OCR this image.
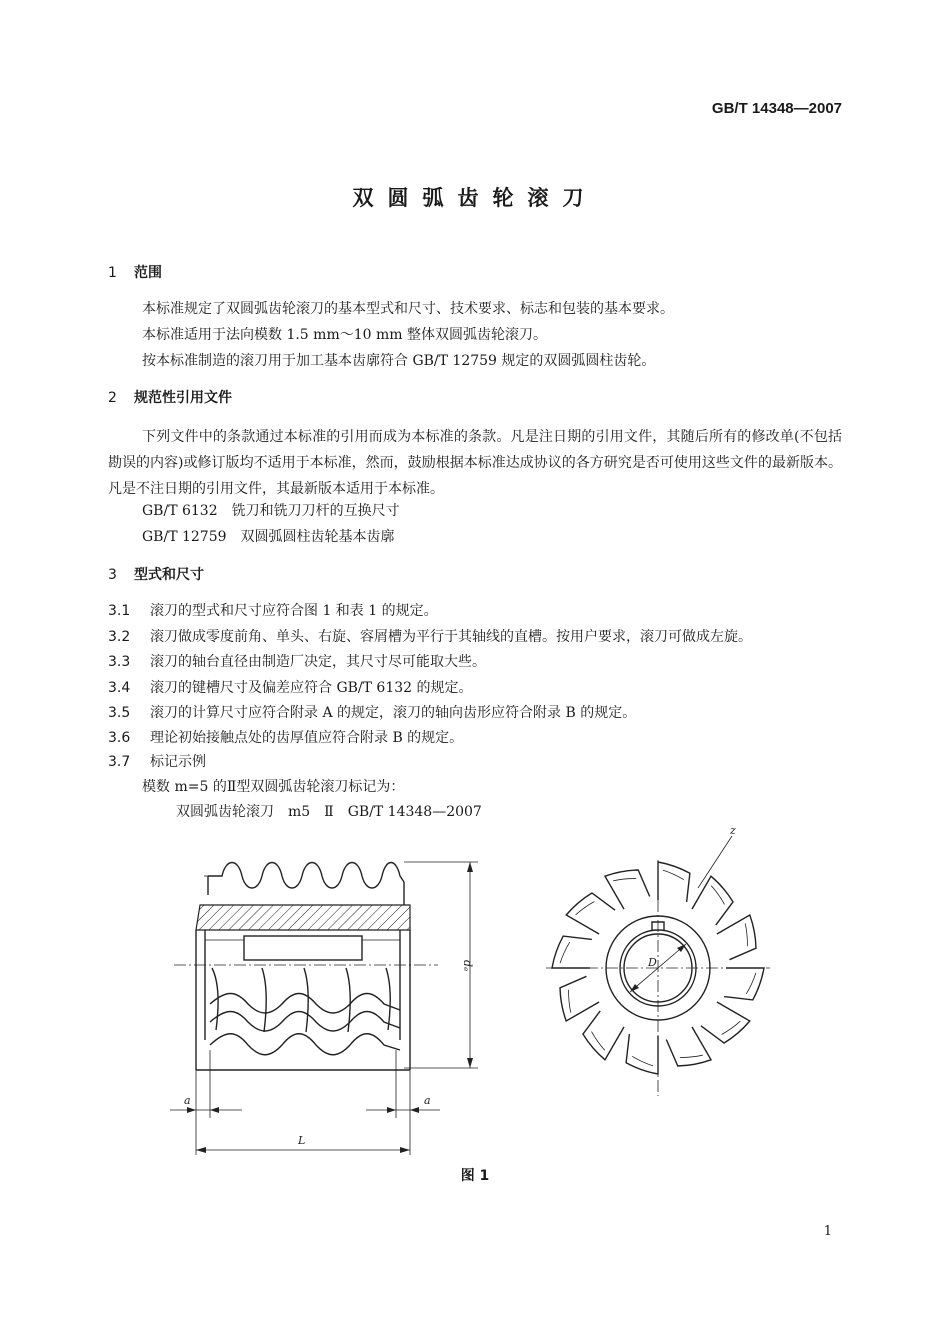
GB/T 14348—2007
双圆弧齿轮滚刀
1 范围
本标准规定了双圆弧齿轮滚刀的基本型式和尺寸、技术要求、标志和包装的基本要求。
本标准适用于法向模数 1.5 mm～10 mm 整体双圆弧齿轮滚刀。
按本标准制造的滚刀用于加工基本齿廓符合 GB/T 12759 规定的双圆弧圆柱齿轮。
2 规范性引用文件
下列文件中的条款通过本标准的引用而成为本标准的条款。凡是注日期的引用文件，其随后所有的修改单(不包括勘误的内容)或修订版均不适用于本标准，然而，鼓励根据本标准达成协议的各方研究是否可使用这些文件的最新版本。凡是不注日期的引用文件，其最新版本适用于本标准。
GB/T 6132　 铣刀和铣刀刀杆的互换尺寸
GB/T 12759　 双圆弧圆柱齿轮基本齿廓
3 型式和尺寸
3.1 滚刀的型式和尺寸应符合图 1 和表 1 的规定。
3.2 滚刀做成零度前角、单头、右旋、容屑槽为平行于其轴线的直槽。按用户要求，滚刀可做成左旋。
3.3 滚刀的轴台直径由制造厂决定，其尺寸尽可能取大些。
3.4 滚刀的键槽尺寸及偏差应符合 GB/T 6132 的规定。
3.5 滚刀的计算尺寸应符合附录 A 的规定，滚刀的轴向齿形应符合附录 B 的规定。
3.6 理论初始接触点处的齿厚值应符合附录 B 的规定。
3.7 标记示例
模数 m=5 的Ⅱ型双圆弧齿轮滚刀标记为：
双圆弧齿轮滚刀　m5　Ⅱ　GB/T 14348—2007
a	a
L
dₑ	D
z
图 1
1
